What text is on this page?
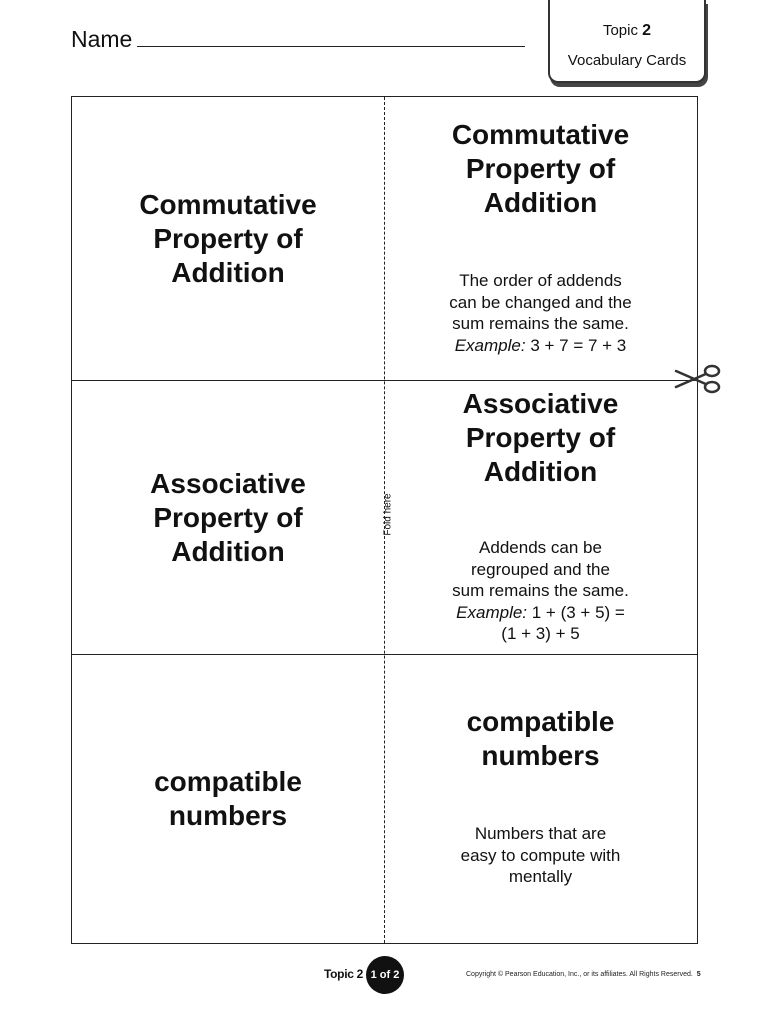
Name	Topic 2
Vocabulary Cards
Commutative
Property of
Addition
Commutative
Property of
Addition
The order of addends
can be changed and the
sum remains the same.
Example: 3 + 7 = 7 + 3
Associative
Property of
Addition
Associative
Property of
Addition
Addends can be
regrouped and the
sum remains the same.
Example: 1 + (3 + 5) =
(1 + 3) + 5
compatible
numbers
compatible
numbers
Numbers that are
easy to compute with
mentally
Fold here
Topic 2 1 of 2	Copyright © Pearson Education, Inc., or its affiliates. All Rights Reserved. 5
